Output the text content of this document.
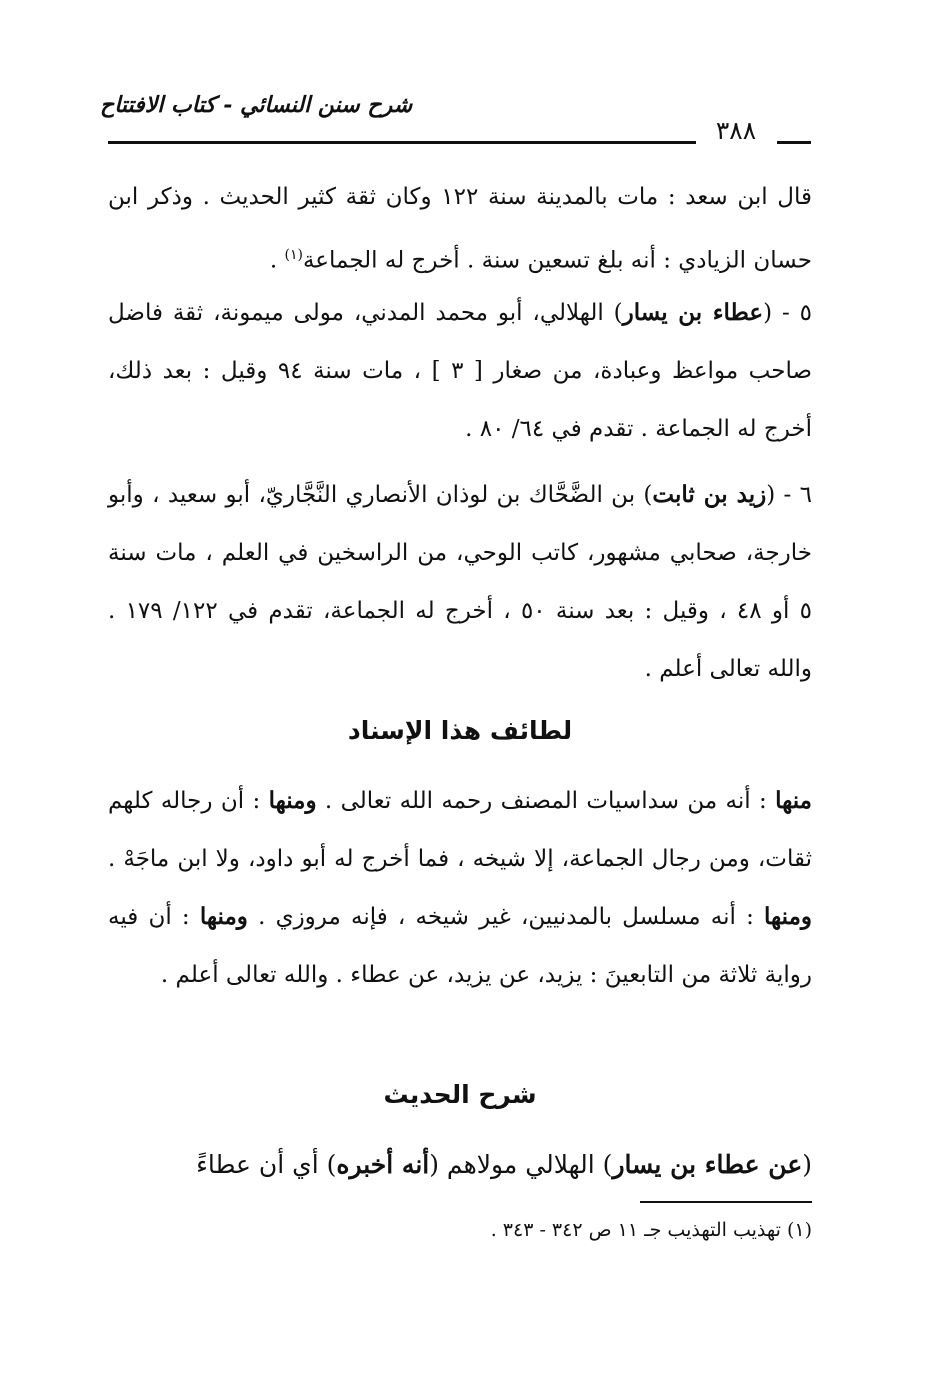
شرح سنن النسائي - كتاب الافتتاح
٣٨٨

قال ابن سعد : مات بالمدينة سنة ١٢٢ وكان ثقة كثير الحديث . وذكر ابن حسان الزيادي : أنه بلغ تسعين سنة . أخرج له الجماعة$^{(١)}$ .

٥ - (عطاء بن يسار) الهلالي، أبو محمد المدني، مولى ميمونة، ثقة فاضل صاحب مواعظ وعبادة، من صغار [ ٣ ] ، مات سنة ٩٤ وقيل : بعد ذلك، أخرج له الجماعة . تقدم في ٦٤/ ٨٠ .

٦ - (زيد بن ثابت) بن الضَّحَّاك بن لوذان الأنصاري النَّجَّاريّ، أبو سعيد ، وأبو خارجة، صحابي مشهور، كاتب الوحي، من الراسخين في العلم ، مات سنة ٥ أو ٤٨ ، وقيل : بعد سنة ٥٠ ، أخرج له الجماعة، تقدم في ١٢٢/ ١٧٩ . والله تعالى أعلم .

لطائف هذا الإسناد

منها : أنه من سداسيات المصنف رحمه الله تعالى . ومنها : أن رجاله كلهم ثقات، ومن رجال الجماعة، إلا شيخه ، فما أخرج له أبو داود، ولا ابن ماجَهْ . ومنها : أنه مسلسل بالمدنيين، غير شيخه ، فإنه مروزي . ومنها : أن فيه رواية ثلاثة من التابعينَ : يزيد، عن يزيد، عن عطاء . والله تعالى أعلم .

شرح الحديث

(عن عطاء بن يسار) الهلالي مولاهم (أنه أخبره) أي أن عطاءً

(١) تهذيب التهذيب جـ ١١ ص ٣٤٢ - ٣٤٣ .
